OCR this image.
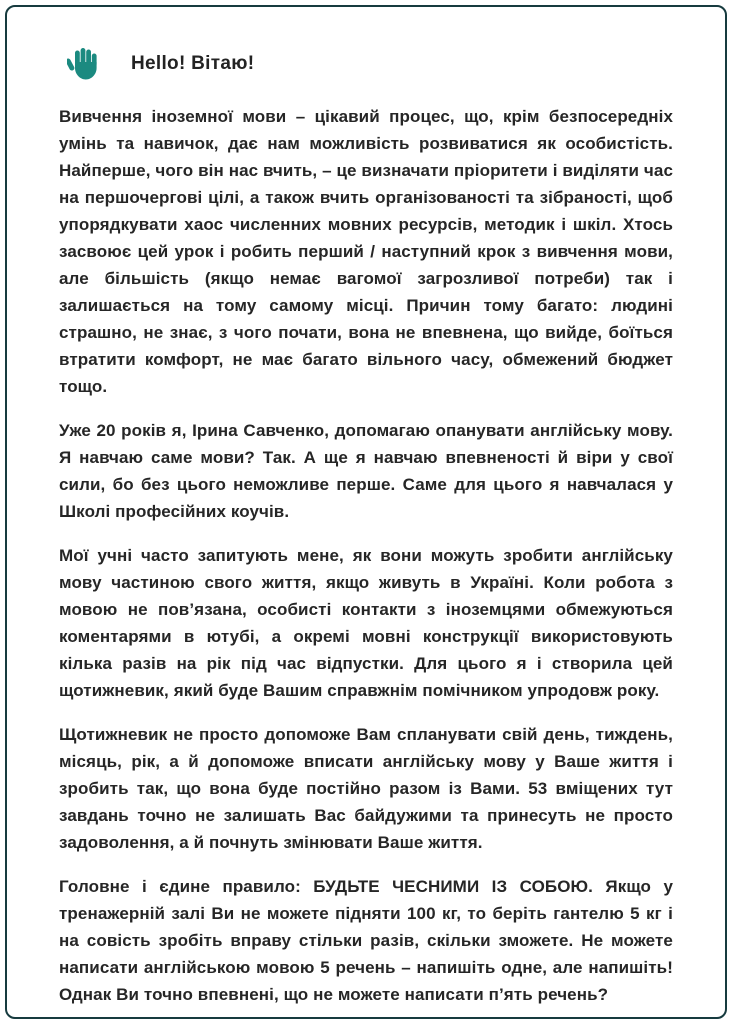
Hello! Вітаю!

Вивчення іноземної мови – цікавий процес, що, крім безпосередніх умінь та навичок, дає нам можливість розвиватися як особистість. Найперше, чого він нас вчить, – це визначати пріоритети і виділяти час на першочергові цілі, а також вчить організованості та зібраності, щоб упорядкувати хаос численних мовних ресурсів, методик і шкіл. Хтось засвоює цей урок і робить перший / наступний крок з вивчення мови, але більшість (якщо немає вагомої загрозливої потреби) так і залишається на тому самому місці. Причин тому багато: людині страшно, не знає, з чого почати, вона не впевнена, що вийде, боїться втратити комфорт, не має багато вільного часу, обмежений бюджет тощо.

Уже 20 років я, Ірина Савченко, допомагаю опанувати англійську мову. Я навчаю саме мови? Так. А ще я навчаю впевненості й віри у свої сили, бо без цього неможливе перше. Саме для цього я навчалася у Школі професійних коучів.

Мої учні часто запитують мене, як вони можуть зробити англійську мову частиною свого життя, якщо живуть в Україні. Коли робота з мовою не пов’язана, особисті контакти з іноземцями обмежуються коментарями в ютубі, а окремі мовні конструкції використовують кілька разів на рік під час відпустки. Для цього я і створила цей щотижневик, який буде Вашим справжнім помічником упродовж року.

Щотижневик не просто допоможе Вам спланувати свій день, тиждень, місяць, рік, а й допоможе вписати англійську мову у Ваше життя і зробить так, що вона буде постійно разом із Вами. 53 вміщених тут завдань точно не залишать Вас байдужими та принесуть не просто задоволення, а й почнуть змінювати Ваше життя.

Головне і єдине правило: БУДЬТЕ ЧЕСНИМИ ІЗ СОБОЮ. Якщо у тренажерній залі Ви не можете підняти 100 кг, то беріть гантелю 5 кг і на совість зробіть вправу стільки разів, скільки зможете. Не можете написати англійською мовою 5 речень – напишіть одне, але напишіть! Однак Ви точно впевнені, що не можете написати п’ять речень?
